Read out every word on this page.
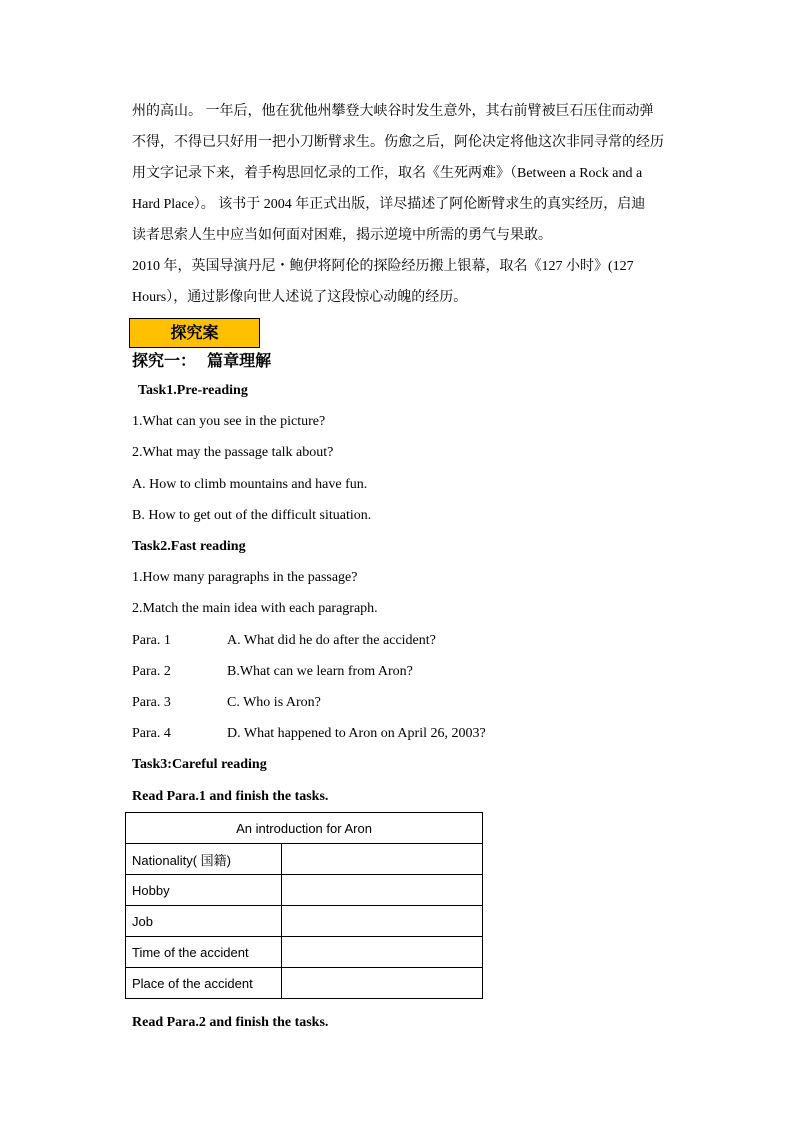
州的高山。 一年后，他在犹他州攀登大峡谷时发生意外，其右前臂被巨石压住而动弹
不得，不得已只好用一把小刀断臂求生。伤愈之后，阿伦决定将他这次非同寻常的经历
用文字记录下来，着手构思回忆录的工作，取名《生死两难》（Between a Rock and a
Hard Place）。 该书于 2004 年正式出版，详尽描述了阿伦断臂求生的真实经历，启迪
读者思索人生中应当如何面对困难，揭示逆境中所需的勇气与果敢。
2010 年，英国导演丹尼・鲍伊将阿伦的探险经历搬上银幕，取名《127 小时》(127
Hours），通过影像向世人述说了这段惊心动魄的经历。
探究案
探究一：  篇章理解
Task1.Pre-reading
1.What can you see in the picture?
2.What may the passage talk about?
A. How to climb mountains and have fun.
B. How to get out of the difficult situation.
Task2.Fast reading
1.How many paragraphs in the passage?
2.Match the main idea with each paragraph.
Para. 1	A. What did he do after the accident?
Para. 2	B.What can we learn from Aron?
Para. 3	C. Who is Aron?
Para. 4	D. What happened to Aron on April 26, 2003?
Task3:Careful reading
Read Para.1 and finish the tasks.
An introduction for Aron	
Nationality( 国籍)	
Hobby	
Job	
Time of the accident	
Place of the accident	
Read Para.2 and finish the tasks.
